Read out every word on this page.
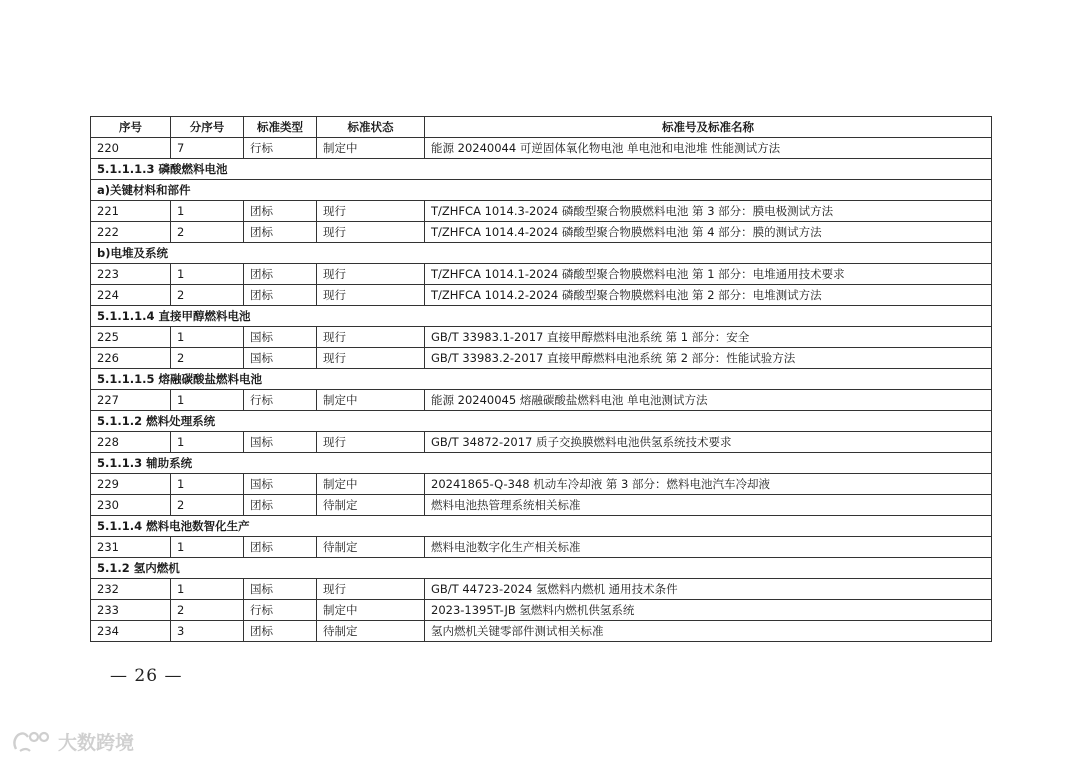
序号	分序号	标准类型	标准状态	标准号及标准名称
220	7	行标	制定中	能源 20240044 可逆固体氧化物电池 单电池和电池堆 性能测试方法
5.1.1.1.3 磷酸燃料电池				
a)关键材料和部件				
221	1	团标	现行	T/ZHFCA 1014.3-2024 磷酸型聚合物膜燃料电池 第 3 部分：膜电极测试方法
222	2	团标	现行	T/ZHFCA 1014.4-2024 磷酸型聚合物膜燃料电池 第 4 部分：膜的测试方法
b)电堆及系统				
223	1	团标	现行	T/ZHFCA 1014.1-2024 磷酸型聚合物膜燃料电池 第 1 部分：电堆通用技术要求
224	2	团标	现行	T/ZHFCA 1014.2-2024 磷酸型聚合物膜燃料电池 第 2 部分：电堆测试方法
5.1.1.1.4 直接甲醇燃料电池				
225	1	国标	现行	GB/T 33983.1-2017 直接甲醇燃料电池系统 第 1 部分：安全
226	2	国标	现行	GB/T 33983.2-2017 直接甲醇燃料电池系统 第 2 部分：性能试验方法
5.1.1.1.5 熔融碳酸盐燃料电池				
227	1	行标	制定中	能源 20240045 熔融碳酸盐燃料电池 单电池测试方法
5.1.1.2 燃料处理系统				
228	1	国标	现行	GB/T 34872-2017 质子交换膜燃料电池供氢系统技术要求
5.1.1.3 辅助系统				
229	1	国标	制定中	20241865-Q-348 机动车冷却液 第 3 部分：燃料电池汽车冷却液
230	2	团标	待制定	燃料电池热管理系统相关标准
5.1.1.4 燃料电池数智化生产				
231	1	团标	待制定	燃料电池数字化生产相关标准
5.1.2 氢内燃机				
232	1	国标	现行	GB/T 44723-2024 氢燃料内燃机 通用技术条件
233	2	行标	制定中	2023-1395T-JB 氢燃料内燃机供氢系统
234	3	团标	待制定	氢内燃机关键零部件测试相关标准
— 26 —
大数跨境
